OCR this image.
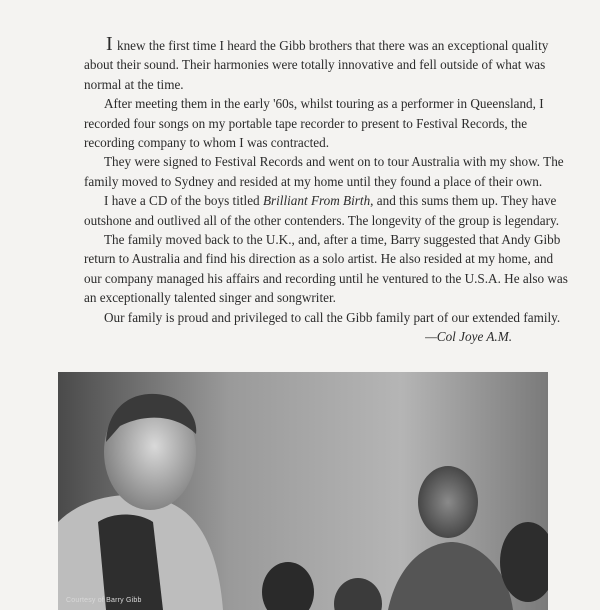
I knew the first time I heard the Gibb brothers that there was an exceptional quality about their sound. Their harmonies were totally innovative and fell outside of what was normal at the time.

After meeting them in the early '60s, whilst touring as a performer in Queensland, I recorded four songs on my portable tape recorder to present to Festival Records, the recording company to whom I was contracted.

They were signed to Festival Records and went on to tour Australia with my show. The family moved to Sydney and resided at my home until they found a place of their own.

I have a CD of the boys titled Brilliant From Birth, and this sums them up. They have outshone and outlived all of the other contenders. The longevity of the group is legendary.

The family moved back to the U.K., and, after a time, Barry suggested that Andy Gibb return to Australia and find his direction as a solo artist. He also resided at my home, and our company managed his affairs and recording until he ventured to the U.S.A. He also was an exceptionally talented singer and songwriter.

Our family is proud and privileged to call the Gibb family part of our extended family.

—Col Joye A.M.

Courtesy of Barry Gibb
